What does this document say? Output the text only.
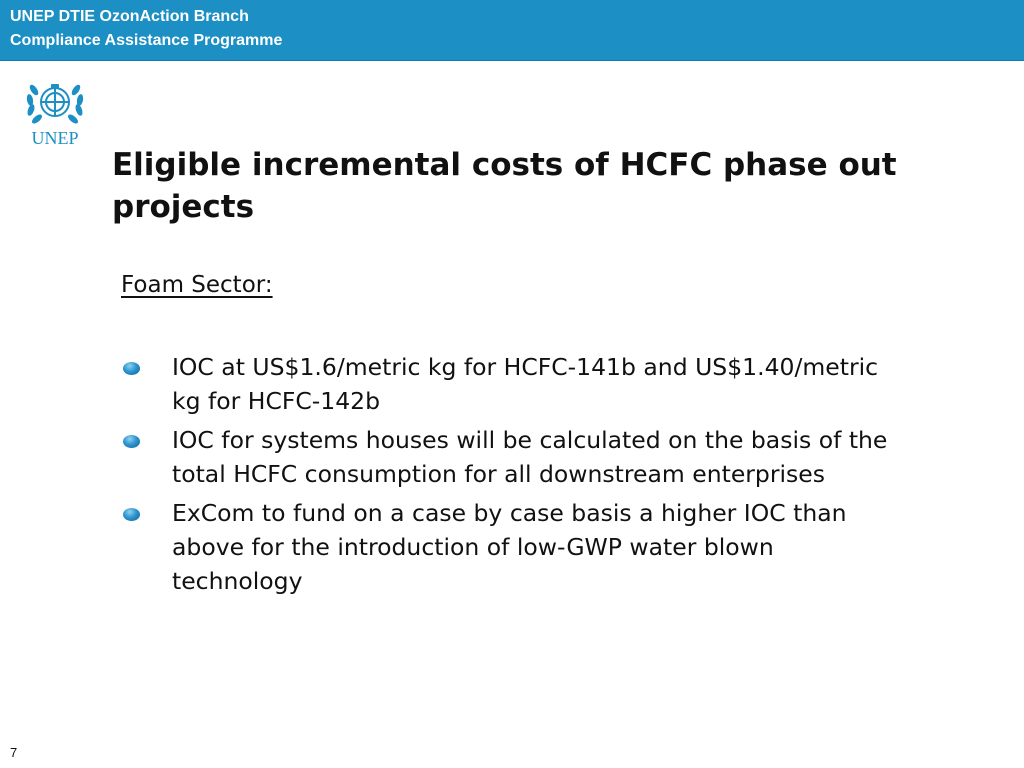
UNEP DTIE OzonAction Branch
Compliance Assistance Programme
UNEP
Eligible incremental costs of HCFC phase out projects
Foam Sector:
IOC at US$1.6/metric kg for HCFC-141b and US$1.40/metric kg for HCFC-142b
IOC for systems houses will be calculated on the basis of the total HCFC consumption for all downstream enterprises
ExCom to fund on a case by case basis a higher IOC than above for the introduction of low-GWP water blown technology
7
